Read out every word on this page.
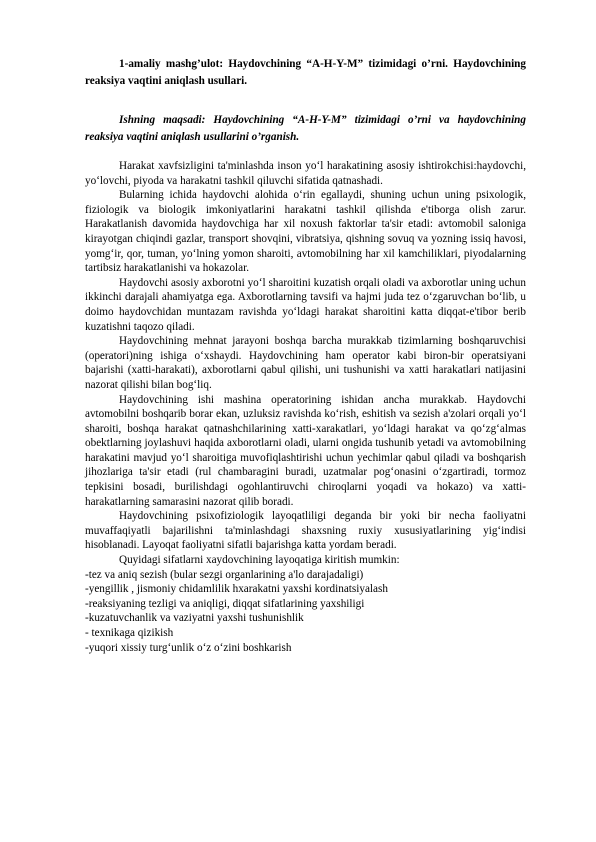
1-amaliy mashg’ulot: Haydovchining “A-H-Y-M” tizimidagi o’rni. Haydovchining reaksiya vaqtini aniqlash usullari.

Ishning maqsadi: Haydovchining “A-H-Y-M” tizimidagi o’rni va haydovchining reaksiya vaqtini aniqlash usullarini o’rganish.

Harakat xavfsizligini ta'minlashda inson yo‘l harakatining asosiy ishtirokchisi:haydovchi, yo‘lovchi, piyoda va harakatni tashkil qiluvchi sifatida qatnashadi.

Bularning ichida haydovchi alohida o‘rin egallaydi, shuning uchun uning psixologik, fiziologik va biologik imkoniyatlarini harakatni tashkil qilishda e'tiborga olish zarur. Harakatlanish davomida haydovchiga har xil noxush faktorlar ta'sir etadi: avtomobil saloniga kirayotgan chiqindi gazlar, transport shovqini, vibratsiya, qishning sovuq va yozning issiq havosi, yomg‘ir, qor, tuman, yo‘lning yomon sharoiti, avtomobilning har xil kamchiliklari, piyodalarning tartibsiz harakatlanishi va hokazolar.

Haydovchi asosiy axborotni yo‘l sharoitini kuzatish orqali oladi va axborotlar uning uchun ikkinchi darajali ahamiyatga ega. Axborotlarning tavsifi va hajmi juda tez o‘zgaruvchan bo‘lib, u doimo haydovchidan muntazam ravishda yo‘ldagi harakat sharoitini katta diqqat-e'tibor berib kuzatishni taqozo qiladi.

Haydovchining mehnat jarayoni boshqa barcha murakkab tizimlarning boshqaruvchisi (operatori)ning ishiga o‘xshaydi. Haydovchining ham operator kabi biron-bir operatsiyani bajarishi (xatti-harakati), axborotlarni qabul qilishi, uni tushunishi va xatti harakatlari natijasini nazorat qilishi bilan bog‘liq.

Haydovchining ishi mashina operatorining ishidan ancha murakkab. Haydovchi avtomobilni boshqarib borar ekan, uzluksiz ravishda ko‘rish, eshitish va sezish a'zolari orqali yo‘l sharoiti, boshqa harakat qatnashchilarining xatti-xarakatlari, yo‘ldagi harakat va qo‘zg‘almas obektlarning joylashuvi haqida axborotlarni oladi, ularni ongida tushunib yetadi va avtomobilning harakatini mavjud yo‘l sharoitiga muvofiqlashtirishi uchun yechimlar qabul qiladi va boshqarish jihozlariga ta'sir etadi (rul chambaragini buradi, uzatmalar pog‘onasini o‘zgartiradi, tormoz tepkisini bosadi, burilishdagi ogohlantiruvchi chiroqlarni yoqadi va hokazo) va xatti-harakatlarning samarasini nazorat qilib boradi.

Haydovchining psixofiziologik layoqatliligi deganda bir yoki bir necha faoliyatni muvaffaqiyatli bajarilishni ta'minlashdagi shaxsning ruxiy xususiyatlarining yig‘indisi hisoblanadi. Layoqat faoliyatni sifatli bajarishga katta yordam beradi.

Quyidagi sifatlarni xaydovchining layoqatiga kiritish mumkin:

-tez va aniq sezish (bular sezgi organlarining a'lo darajadaligi)
-yengillik , jismoniy chidamlilik hxarakatni yaxshi kordinatsiyalash
-reaksiyaning tezligi va aniqligi, diqqat sifatlarining yaxshiligi
-kuzatuvchanlik va vaziyatni yaxshi tushunishlik
- texnikaga qizikish
-yuqori xissiy turg‘unlik o‘z o‘zini boshkarish
